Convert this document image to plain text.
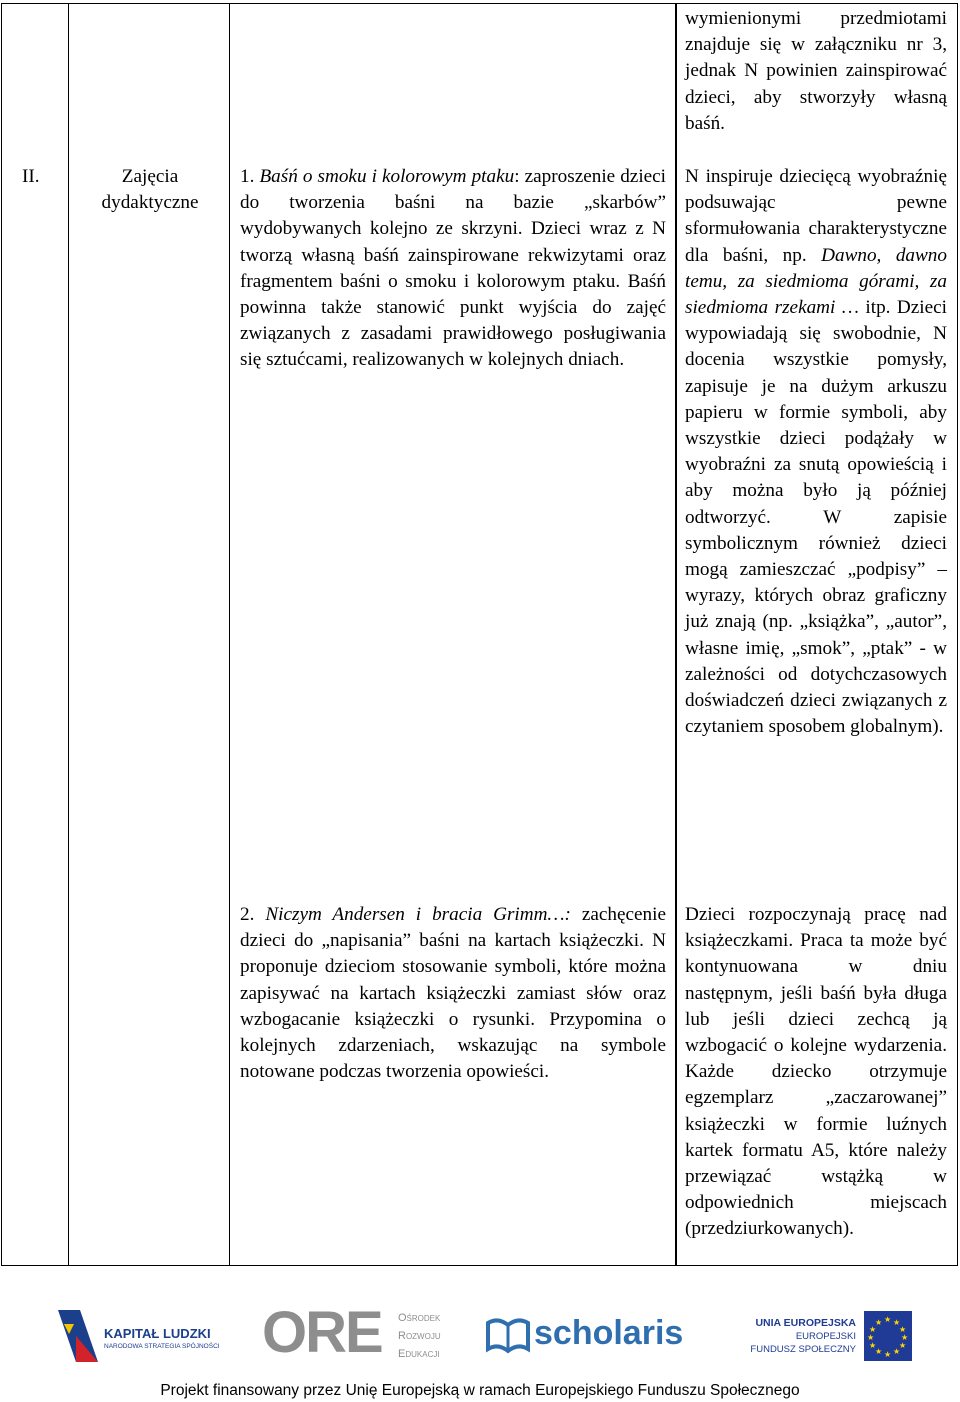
II.	Zajęcia dydaktyczne
1. Baśń o smoku i kolorowym ptaku: zaproszenie dzieci do tworzenia baśni na bazie „skarbów” wydobywanych kolejno ze skrzyni. Dzieci wraz z N tworzą własną baśń zainspirowane rekwizytami oraz fragmentem baśni o smoku i kolorowym ptaku. Baśń powinna także stanowić punkt wyjścia do zajęć związanych z zasadami prawidłowego posługiwania się sztućcami, realizowanych w kolejnych dniach.
2. Niczym Andersen i bracia Grimm…: zachęcenie dzieci do „napisania” baśni na kartach książeczki. N proponuje dzieciom stosowanie symboli, które można zapisywać na kartach książeczki zamiast słów oraz wzbogacanie książeczki o rysunki. Przypomina o kolejnych zdarzeniach, wskazując na symbole notowane podczas tworzenia opowieści.
wymienionymi przedmiotami znajduje się w załączniku nr 3, jednak N powinien zainspirować dzieci, aby stworzyły własną baśń.
N inspiruje dziecięcą wyobraźnię podsuwając pewne sformułowania charakterystyczne dla baśni, np. Dawno, dawno temu, za siedmioma górami, za siedmioma rzekami … itp. Dzieci wypowiadają się swobodnie, N docenia wszystkie pomysły, zapisuje je na dużym arkuszu papieru w formie symboli, aby wszystkie dzieci podążały w wyobraźni za snutą opowieścią i aby można było ją później odtworzyć. W zapisie symbolicznym również dzieci mogą zamieszczać „podpisy” – wyrazy, których obraz graficzny już znają (np. „książka”, „autor”, własne imię, „smok”, „ptak” - w zależności od dotychczasowych doświadczeń dzieci związanych z czytaniem sposobem globalnym).
Dzieci rozpoczynają pracę nad książeczkami. Praca ta może być kontynuowana w dniu następnym, jeśli baśń była długa lub jeśli dzieci zechcą ją wzbogacić o kolejne wydarzenia. Każde dziecko otrzymuje egzemplarz „zaczarowanej” książeczki w formie luźnych kartek formatu A5, które należy przewiązać wstążką w odpowiednich miejscach (przedziurkowanych).
KAPITAŁ LUDZKI
NARODOWA STRATEGIA SPÓJNOŚCI ORE Ośrodek
Rozwoju
Edukacji
scholaris	UNIA EUROPEJSKA
EUROPEJSKI
FUNDUSZ SPOŁECZNY
★ ★
★
★
★
★
★
★
★
★
★
★
Projekt finansowany przez Unię Europejską w ramach Europejskiego Funduszu Społecznego
